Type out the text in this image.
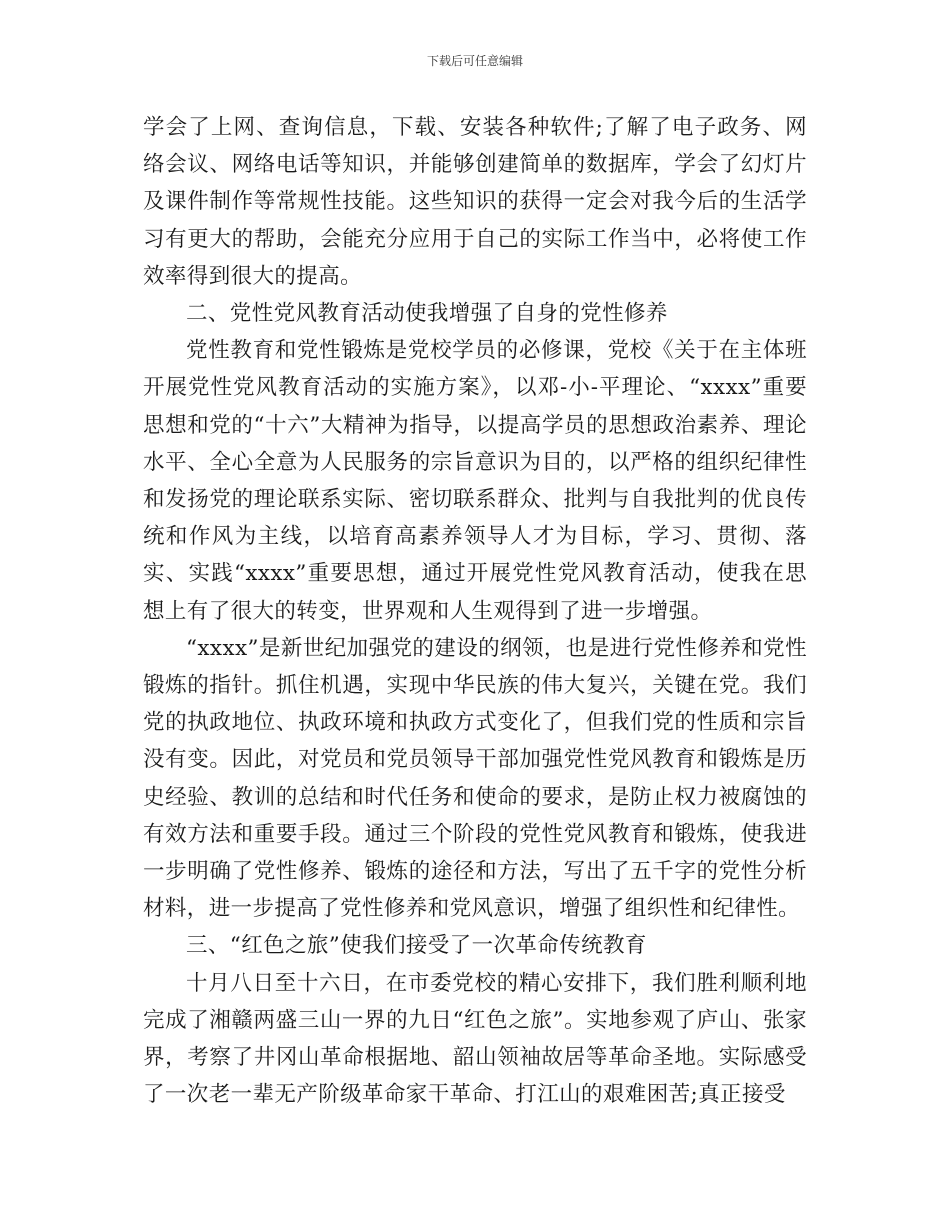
下载后可任意编辑

学会了上网、查询信息，下载、安装各种软件;了解了电子政务、网络会议、网络电话等知识，并能够创建简单的数据库，学会了幻灯片及课件制作等常规性技能。这些知识的获得一定会对我今后的生活学习有更大的帮助，会能充分应用于自己的实际工作当中，必将使工作效率得到很大的提高。

二、党性党风教育活动使我增强了自身的党性修养

党性教育和党性锻炼是党校学员的必修课，党校《关于在主体班开展党性党风教育活动的实施方案》，以邓-小-平理论、“xxxx”重要思想和党的“十六”大精神为指导，以提高学员的思想政治素养、理论水平、全心全意为人民服务的宗旨意识为目的，以严格的组织纪律性和发扬党的理论联系实际、密切联系群众、批判与自我批判的优良传统和作风为主线，以培育高素养领导人才为目标，学习、贯彻、落实、实践“xxxx”重要思想，通过开展党性党风教育活动，使我在思想上有了很大的转变，世界观和人生观得到了进一步增强。

“xxxx”是新世纪加强党的建设的纲领，也是进行党性修养和党性锻炼的指针。抓住机遇，实现中华民族的伟大复兴，关键在党。我们党的执政地位、执政环境和执政方式变化了，但我们党的性质和宗旨没有变。因此，对党员和党员领导干部加强党性党风教育和锻炼是历史经验、教训的总结和时代任务和使命的要求，是防止权力被腐蚀的有效方法和重要手段。通过三个阶段的党性党风教育和锻炼，使我进一步明确了党性修养、锻炼的途径和方法，写出了五千字的党性分析材料，进一步提高了党性修养和党风意识，增强了组织性和纪律性。

三、“红色之旅”使我们接受了一次革命传统教育

十月八日至十六日，在市委党校的精心安排下，我们胜利顺利地完成了湘赣两盛三山一界的九日“红色之旅”。实地参观了庐山、张家界，考察了井冈山革命根据地、韶山领袖故居等革命圣地。实际感受了一次老一辈无产阶级革命家干革命、打江山的艰难困苦;真正接受
